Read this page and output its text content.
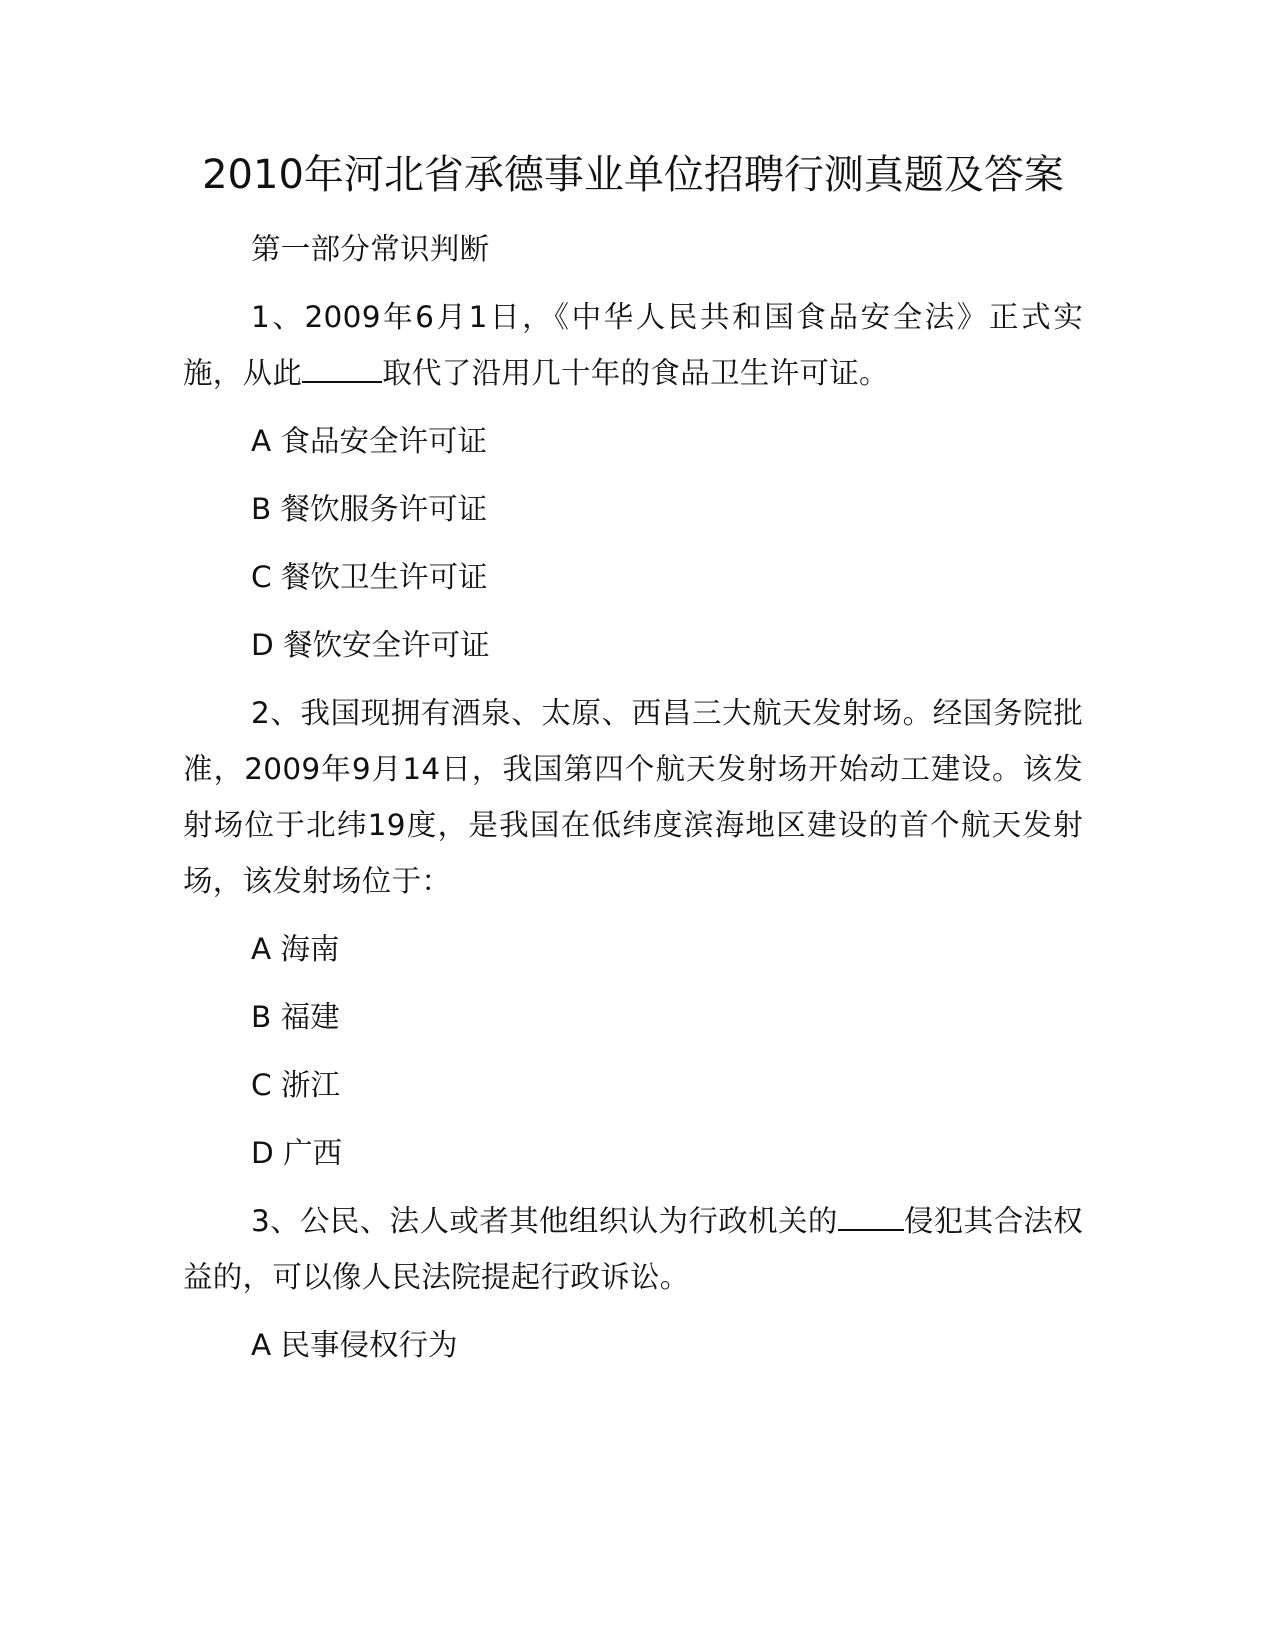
2010年河北省承德事业单位招聘行测真题及答案

第一部分常识判断

1、2009年6月1日，《中华人民共和国食品安全法》正式实施，从此	取代了沿用几十年的食品卫生许可证。

A 食品安全许可证

B 餐饮服务许可证

C 餐饮卫生许可证

D 餐饮安全许可证

2、我国现拥有酒泉、太原、西昌三大航天发射场。经国务院批准，2009年9月14日，我国第四个航天发射场开始动工建设。该发射场位于北纬19度，是我国在低纬度滨海地区建设的首个航天发射场，该发射场位于：

A 海南

B 福建

C 浙江

D 广西

3、公民、法人或者其他组织认为行政机关的 侵犯其合法权益的，可以像人民法院提起行政诉讼。

A 民事侵权行为
